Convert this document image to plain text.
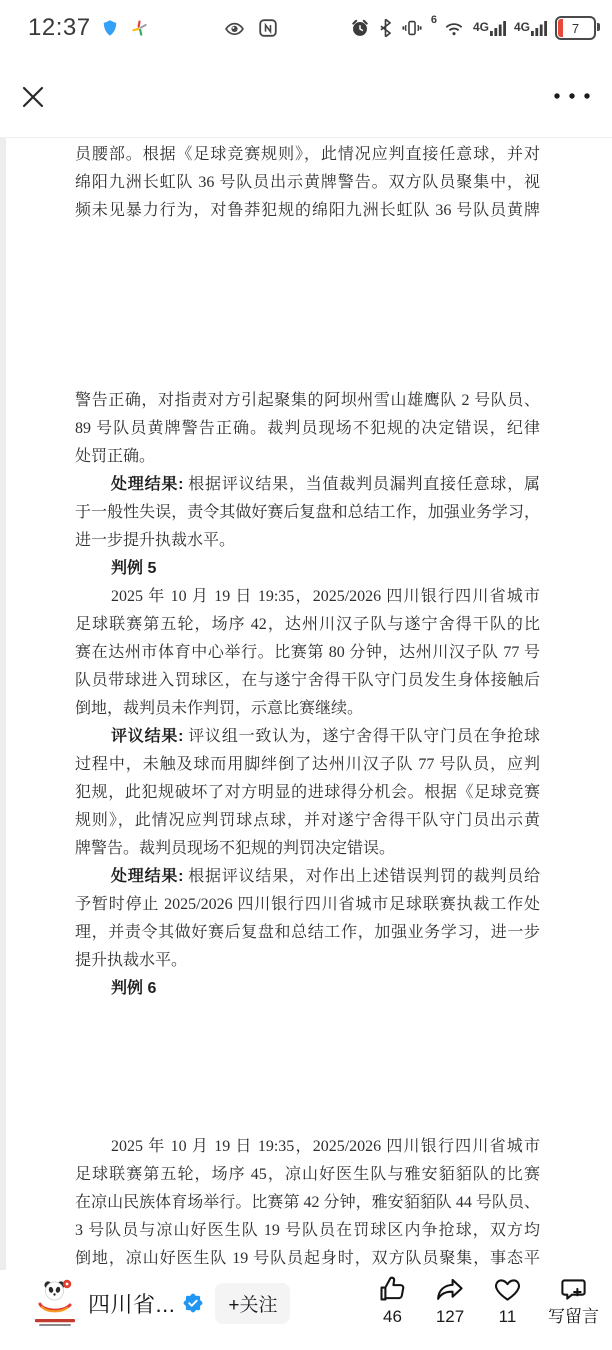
12:37	6	4G 4G	7
员腰部。根据《足球竞赛规则》，此情况应判直接任意球，并对
绵阳九洲长虹队 36 号队员出示黄牌警告。双方队员聚集中，视
频未见暴力行为，对鲁莽犯规的绵阳九洲长虹队 36 号队员黄牌
警告正确，对指责对方引起聚集的阿坝州雪山雄鹰队 2 号队员、
89 号队员黄牌警告正确。裁判员现场不犯规的决定错误，纪律
处罚正确。
处理结果: 根据评议结果，当值裁判员漏判直接任意球，属
于一般性失误，责令其做好赛后复盘和总结工作，加强业务学习，
进一步提升执裁水平。
判例 5
2025 年 10 月 19 日 19:35，2025/2026 四川银行四川省城市
足球联赛第五轮，场序 42，达州川汉子队与遂宁舍得干队的比
赛在达州市体育中心举行。比赛第 80 分钟，达州川汉子队 77 号
队员带球进入罚球区，在与遂宁舍得干队守门员发生身体接触后
倒地，裁判员未作判罚，示意比赛继续。
评议结果: 评议组一致认为，遂宁舍得干队守门员在争抢球
过程中，未触及球而用脚绊倒了达州川汉子队 77 号队员，应判
犯规，此犯规破坏了对方明显的进球得分机会。根据《足球竞赛
规则》，此情况应判罚球点球，并对遂宁舍得干队守门员出示黄
牌警告。裁判员现场不犯规的判罚决定错误。
处理结果: 根据评议结果，对作出上述错误判罚的裁判员给
予暂时停止 2025/2026 四川银行四川省城市足球联赛执裁工作处
理，并责令其做好赛后复盘和总结工作，加强业务学习，进一步
提升执裁水平。
判例 6
2025 年 10 月 19 日 19:35，2025/2026 四川银行四川省城市
足球联赛第五轮，场序 45，凉山好医生队与雅安貊貊队的比赛
在凉山民族体育场举行。比赛第 42 分钟，雅安貊貊队 44 号队员、
3 号队员与凉山好医生队 19 号队员在罚球区内争抢球，双方均
倒地，凉山好医生队 19 号队员起身时，双方队员聚集，事态平
四川省...	+关注
46 127 11 写留言
